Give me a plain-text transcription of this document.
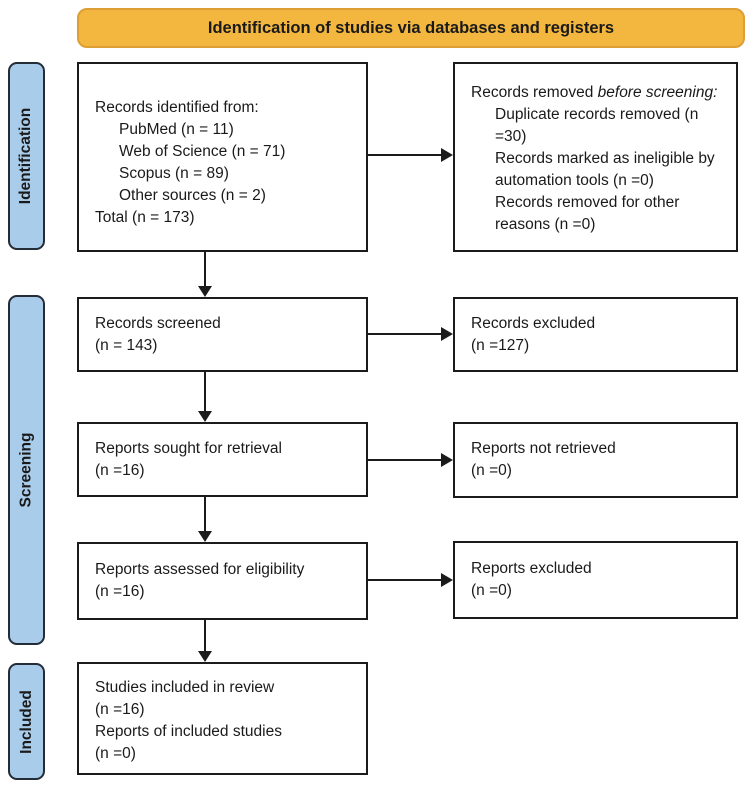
Identification of studies via databases and registers
Identification
Screening
Included
Records identified from:
PubMed (n = 11)
Web of Science (n = 71)
Scopus (n = 89)
Other sources (n = 2)
Total (n = 173)
Records removed before screening:
Duplicate records removed (n =30)
Records marked as ineligible by automation tools (n =0)
Records removed for other reasons (n =0)
Records screened
(n = 143)
Records excluded
(n =127)
Reports sought for retrieval
(n =16)
Reports not retrieved
(n =0)
Reports assessed for eligibility
(n =16)
Reports excluded
(n =0)
Studies included in review
(n =16)
Reports of included studies
(n =0)
